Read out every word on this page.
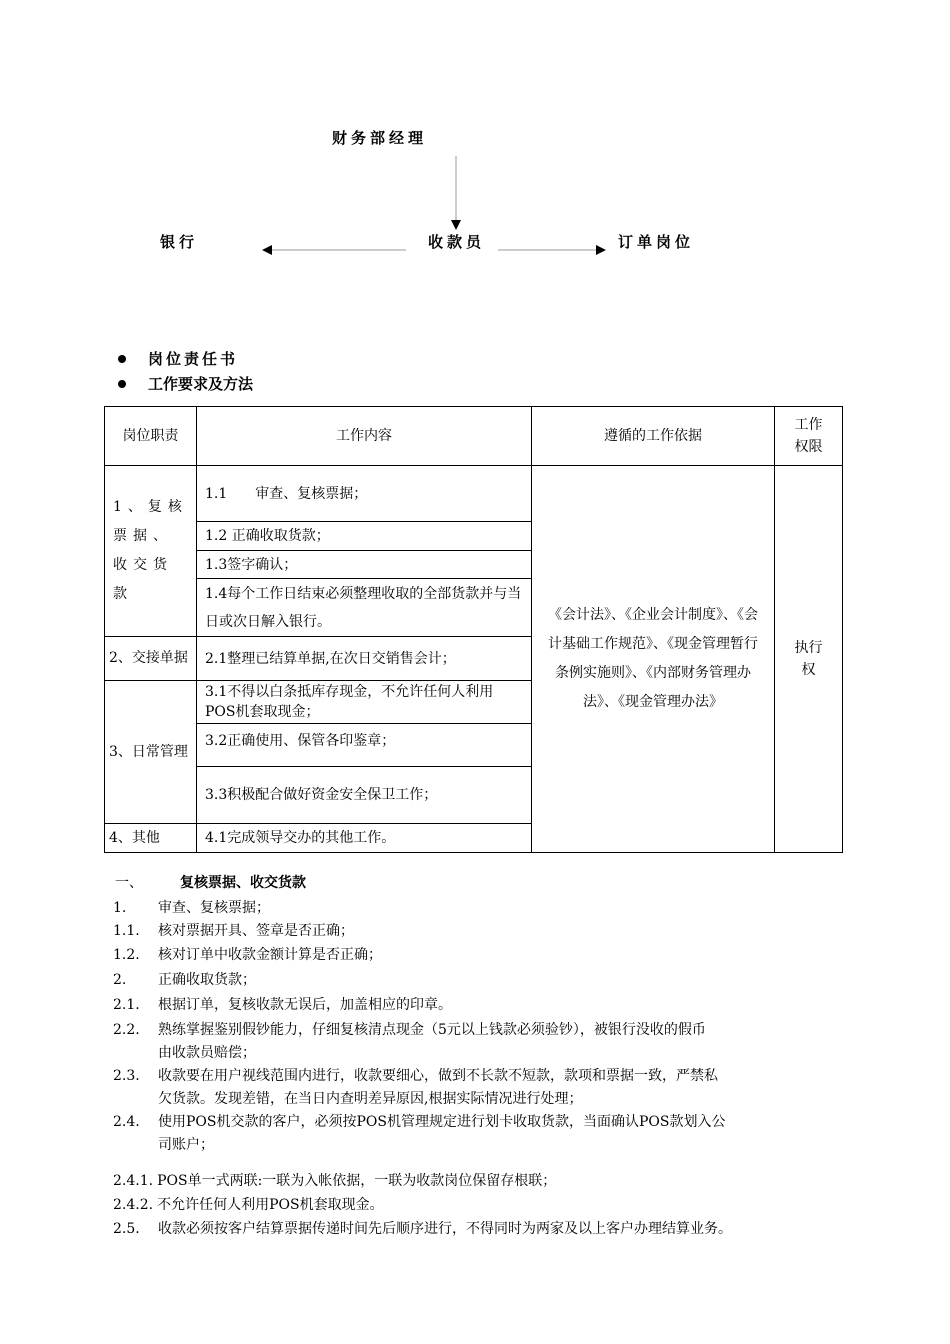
财务部经理
银行	收款员	订单岗位
岗位责任书
工作要求及方法
岗位职责	工作内容	遵循的工作依据	工作权限
1、复核票据、收交货款	1.1　　审查、复核票据；	《会计法》、《企业会计制度》、《会计基础工作规范》、《现金管理暂行条例实施则》、《内部财务管理办法》、《现金管理办法》	执行权
	1.2 正确收取货款；		
	1.3签字确认；		
	1.4每个工作日结束必须整理收取的全部货款并与当日或次日解入银行。		
2、交接单据	2.1整理已结算单据,在次日交销售会计；		
3、日常管理	3.1不得以白条抵库存现金，不允许任何人利用POS机套取现金；		
	3.2正确使用、保管各印鉴章；		
	3.3积极配合做好资金安全保卫工作；		
4、其他	4.1完成领导交办的其他工作。		
一、	复核票据、收交货款
1. 审查、复核票据；
1.1. 核对票据开具、签章是否正确；
1.2. 核对订单中收款金额计算是否正确；
2. 正确收取货款；
2.1. 根据订单，复核收款无误后，加盖相应的印章。
2.2. 熟练掌握鉴别假钞能力，仔细复核清点现金（5元以上钱款必须验钞），被银行没收的假币
由收款员赔偿；
2.3. 收款要在用户视线范围内进行，收款要细心，做到不长款不短款，款项和票据一致，严禁私
欠货款。发现差错，在当日内查明差异原因,根据实际情况进行处理；
2.4. 使用POS机交款的客户，必须按POS机管理规定进行划卡收取货款，当面确认POS款划入公
司账户；
2.4.1. POS单一式两联:一联为入帐依据，一联为收款岗位保留存根联；
2.4.2. 不允许任何人利用POS机套取现金。
2.5. 收款必须按客户结算票据传递时间先后顺序进行，不得同时为两家及以上客户办理结算业务。
